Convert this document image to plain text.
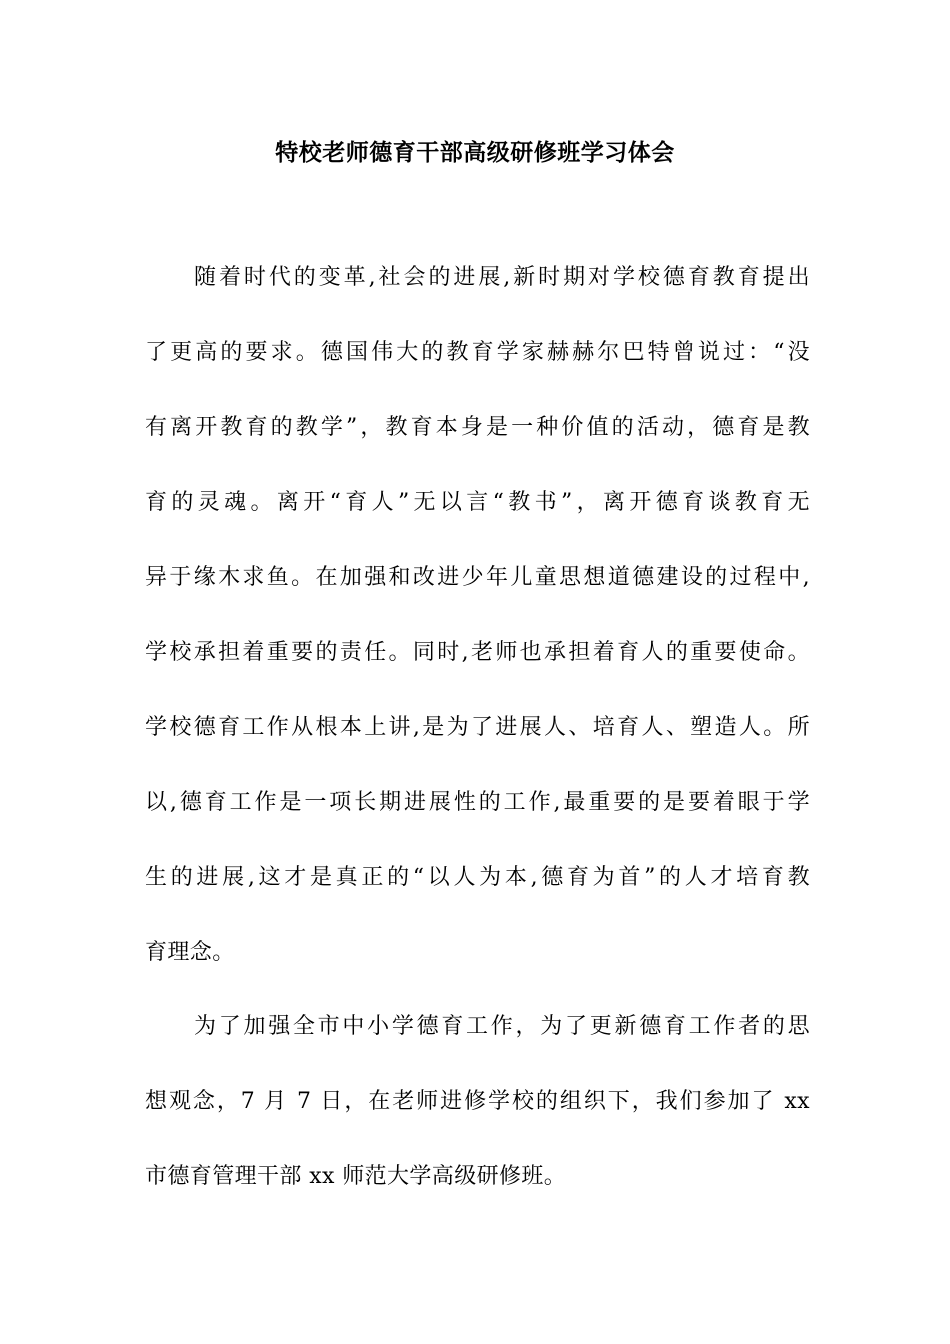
特校老师德育干部高级研修班学习体会
随着时代的变革,社会的进展,新时期对学校德育教育提出
了更高的要求。德国伟大的教育学家赫赫尔巴特曾说过：“没
有离开教育的教学”，教育本身是一种价值的活动，德育是教
育的灵魂。离开“育人”无以言“教书”，离开德育谈教育无
异于缘木求鱼。在加强和改进少年儿童思想道德建设的过程中,
学校承担着重要的责任。同时,老师也承担着育人的重要使命。
学校德育工作从根本上讲,是为了进展人、培育人、塑造人。所
以,德育工作是一项长期进展性的工作,最重要的是要着眼于学
生的进展,这才是真正的“以人为本,德育为首”的人才培育教
育理念。
为了加强全市中小学德育工作，为了更新德育工作者的思
想观念，7 月 7 日，在老师进修学校的组织下，我们参加了 xx
市德育管理干部 xx 师范大学高级研修班。
